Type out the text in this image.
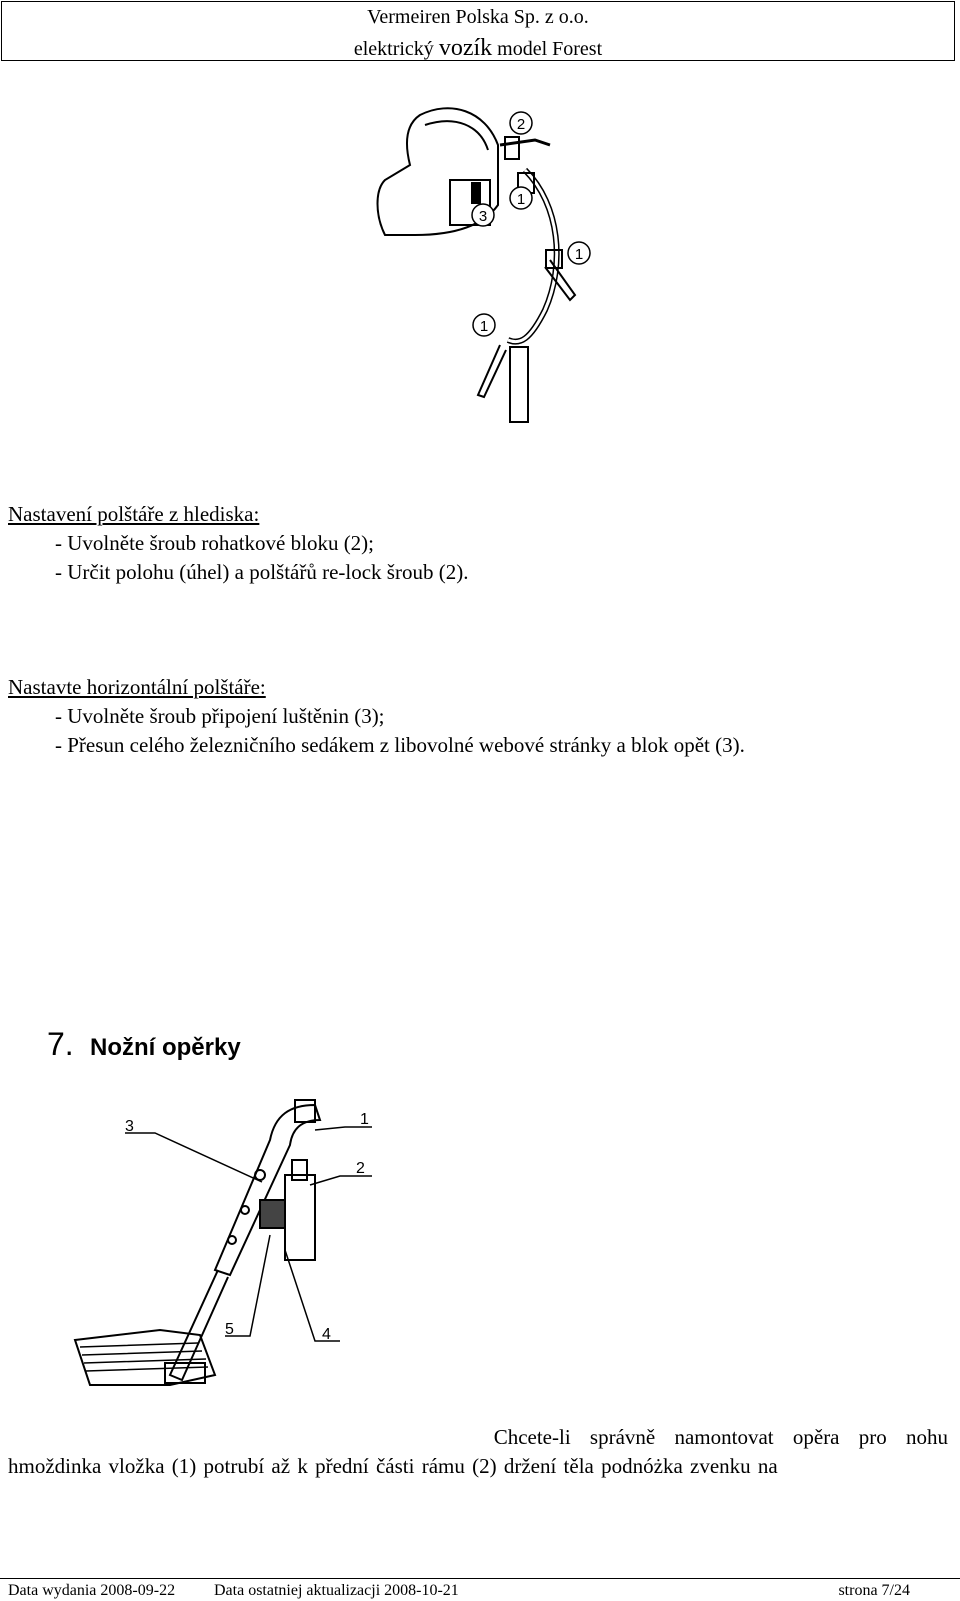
Vermeiren Polska Sp. z o.o.
elektrický vozík model Forest
2
1
3
1
1
Nastavení polštáře z hlediska:
- Uvolněte šroub rohatkové bloku (2);
- Určit polohu (úhel) a polštářů re-lock šroub (2).
Nastavte horizontální polštáře:
- Uvolněte šroub připojení luštěnin (3);
- Přesun celého železničního sedákem z libovolné webové stránky a blok opět (3).
7. Nožní opěrky
3	1
2
5	4
Chcete-li správně namontovat opěra pro nohu
hmoždinka vložka (1) potrubí až k přední části rámu (2) držení těla podnóżka zvenku na
Data wydania 2008-09-22 Data ostatniej aktualizacji 2008-10-21	strona 7/24
